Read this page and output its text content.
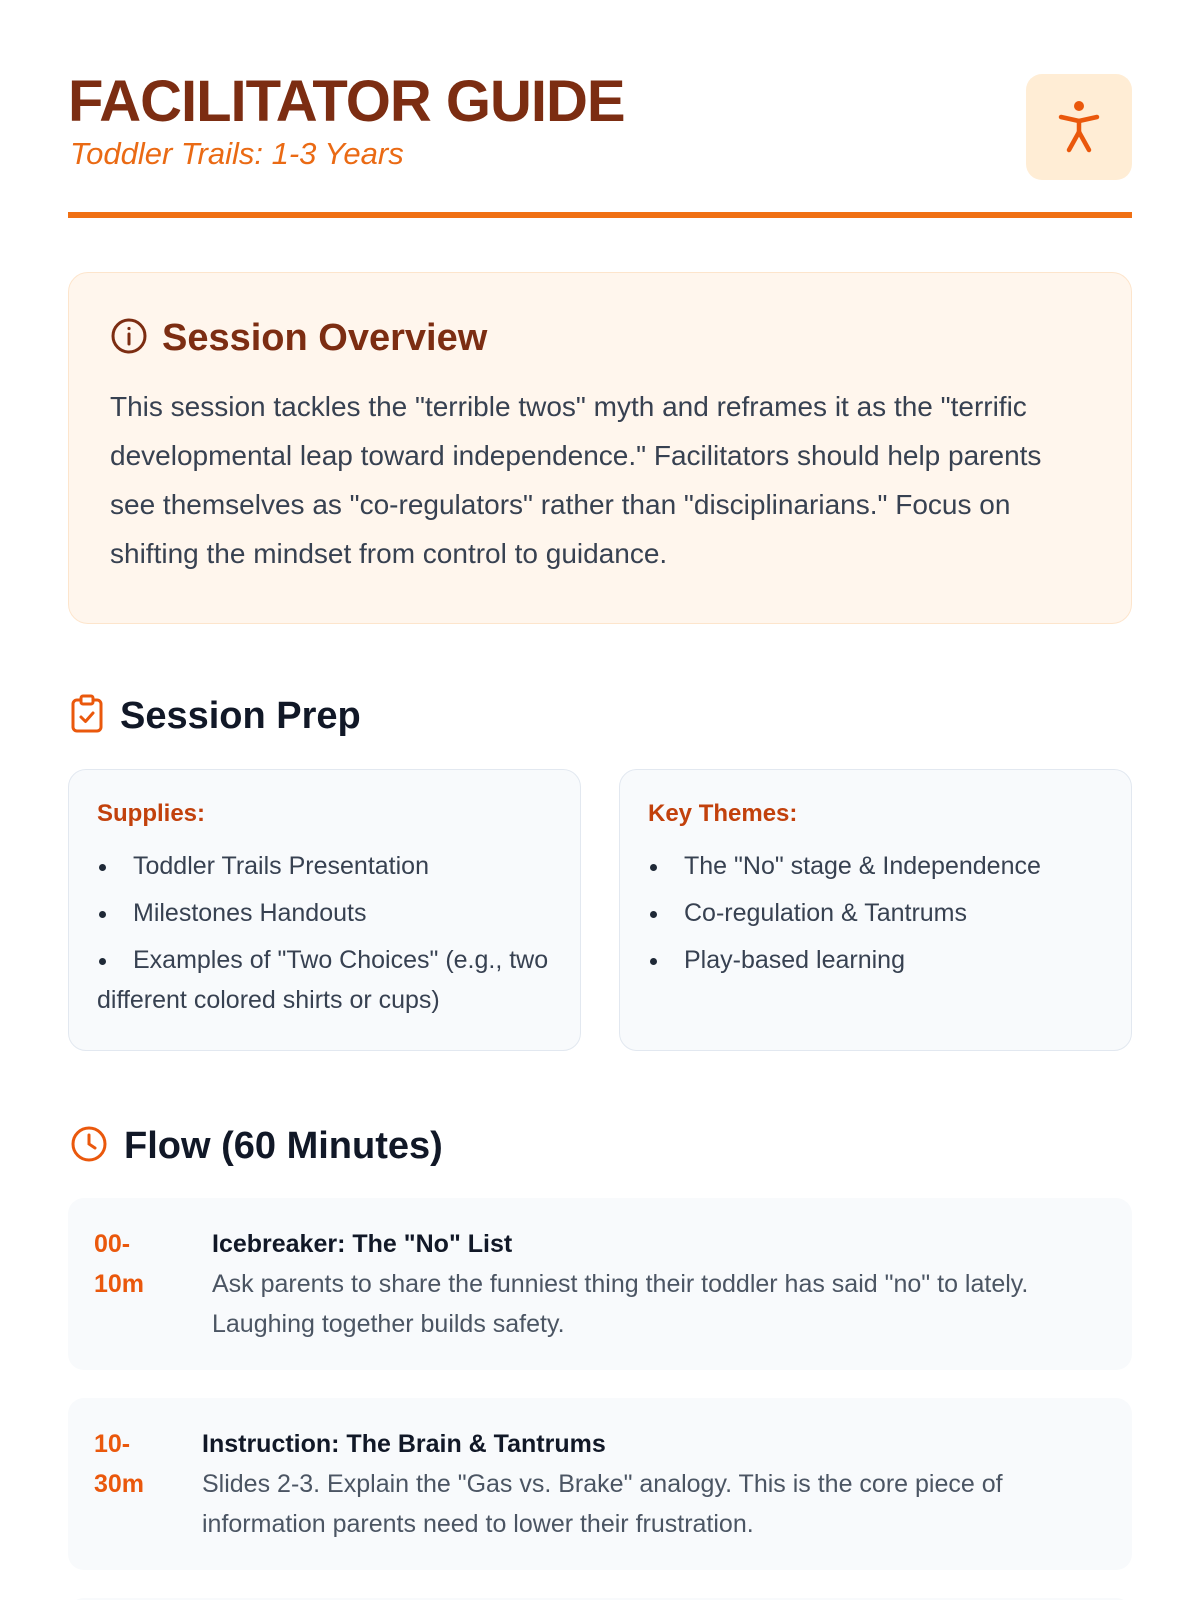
FACILITATOR GUIDE
Toddler Trails: 1-3 Years
Session Overview

This session tackles the "terrible twos" myth and reframes it as the "terrific developmental leap toward independence." Facilitators should help parents see themselves as "co-regulators" rather than "disciplinarians." Focus on shifting the mindset from control to guidance.

Session Prep
Supplies:
Toddler Trails Presentation
Milestones Handouts
Examples of "Two Choices" (e.g., two different colored shirts or cups)
Key Themes:
The "No" stage & Independence
Co-regulation & Tantrums
Play-based learning
Flow (60 Minutes)
00-
10m
Icebreaker: The "No" List
Ask parents to share the funniest thing their toddler has said "no" to lately. Laughing together builds safety.
10-
30m
Instruction: The Brain & Tantrums
Slides 2-3. Explain the "Gas vs. Brake" analogy. This is the core piece of information parents need to lower their frustration.
